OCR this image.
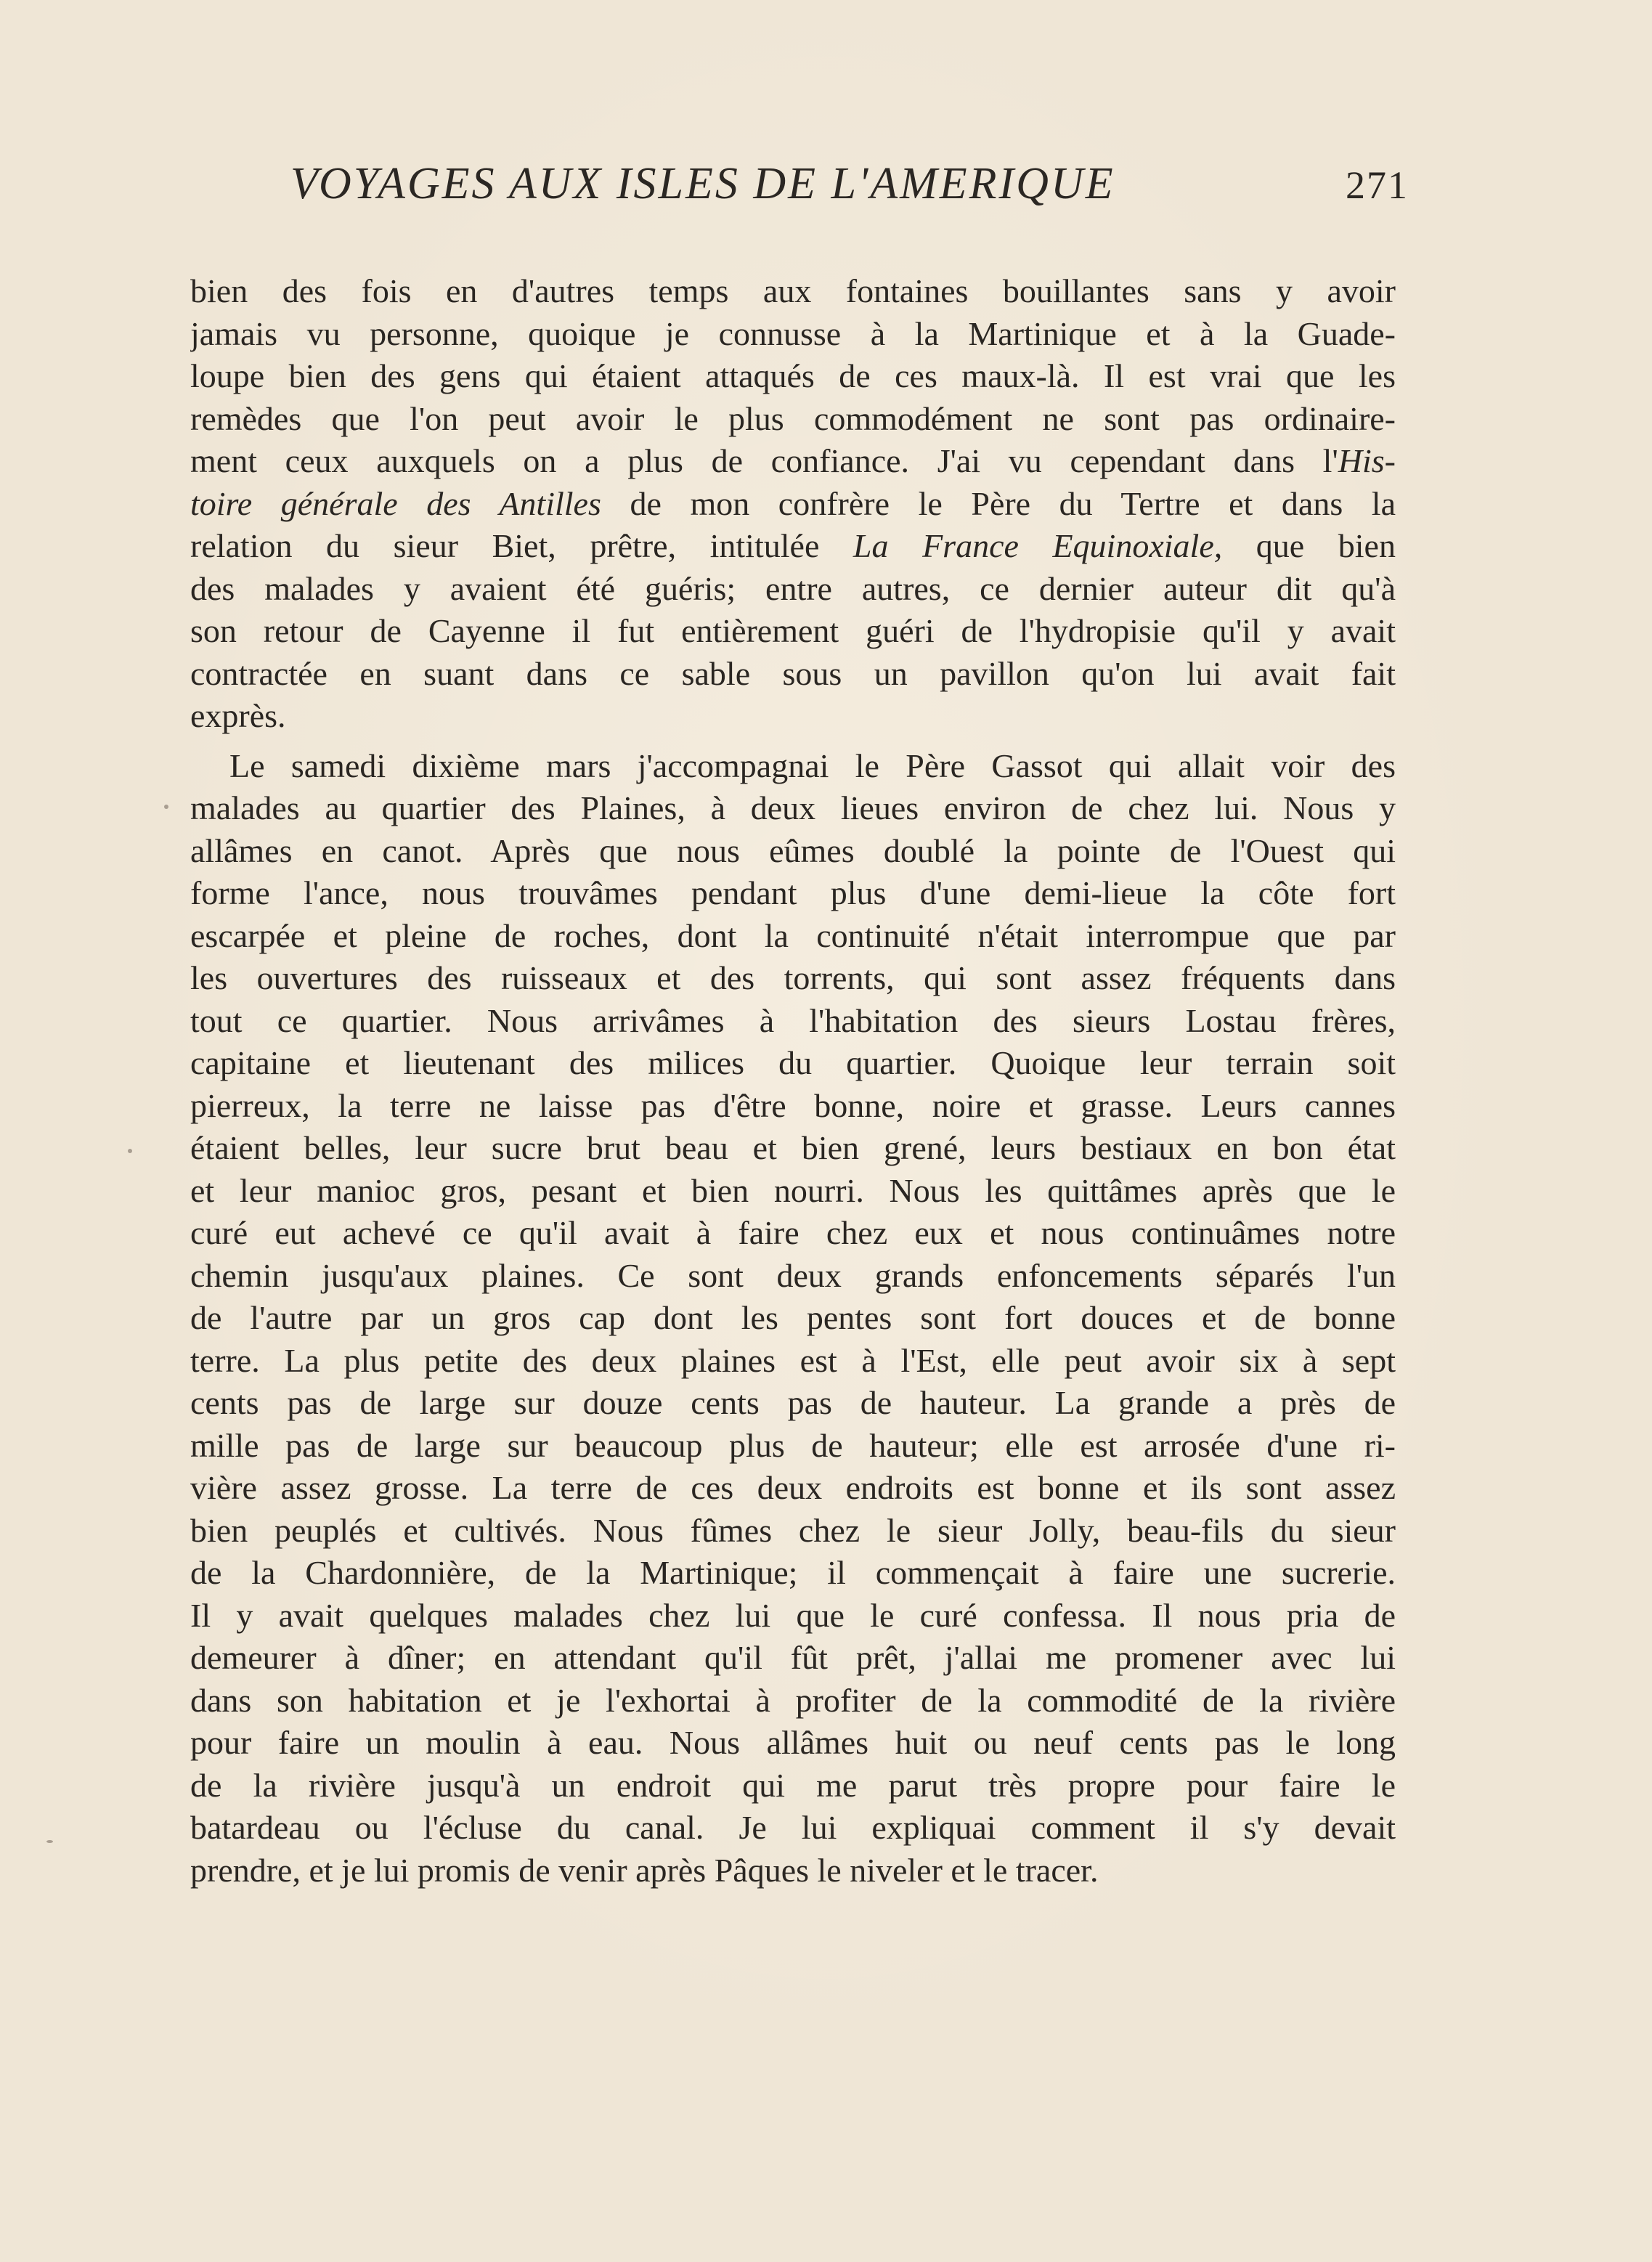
VOYAGES AUX ISLES DE L'AMERIQUE	271

bien des fois en d'autres temps aux fontaines bouillantes sans y avoir
jamais vu personne, quoique je connusse à la Martinique et à la Guade-
loupe bien des gens qui étaient attaqués de ces maux-là. Il est vrai que les
remèdes que l'on peut avoir le plus commodément ne sont pas ordinaire-
ment ceux auxquels on a plus de confiance. J'ai vu cependant dans l'His-
toire générale des Antilles de mon confrère le Père du Tertre et dans la
relation du sieur Biet, prêtre, intitulée La France Equinoxiale, que bien
des malades y avaient été guéris; entre autres, ce dernier auteur dit qu'à
son retour de Cayenne il fut entièrement guéri de l'hydropisie qu'il y avait
contractée en suant dans ce sable sous un pavillon qu'on lui avait fait
exprès.

Le samedi dixième mars j'accompagnai le Père Gassot qui allait voir des
malades au quartier des Plaines, à deux lieues environ de chez lui. Nous y
allâmes en canot. Après que nous eûmes doublé la pointe de l'Ouest qui
forme l'ance, nous trouvâmes pendant plus d'une demi-lieue la côte fort
escarpée et pleine de roches, dont la continuité n'était interrompue que par
les ouvertures des ruisseaux et des torrents, qui sont assez fréquents dans
tout ce quartier. Nous arrivâmes à l'habitation des sieurs Lostau frères,
capitaine et lieutenant des milices du quartier. Quoique leur terrain soit
pierreux, la terre ne laisse pas d'être bonne, noire et grasse. Leurs cannes
étaient belles, leur sucre brut beau et bien grené, leurs bestiaux en bon état
et leur manioc gros, pesant et bien nourri. Nous les quittâmes après que le
curé eut achevé ce qu'il avait à faire chez eux et nous continuâmes notre
chemin jusqu'aux plaines. Ce sont deux grands enfoncements séparés l'un
de l'autre par un gros cap dont les pentes sont fort douces et de bonne
terre. La plus petite des deux plaines est à l'Est, elle peut avoir six à sept
cents pas de large sur douze cents pas de hauteur. La grande a près de
mille pas de large sur beaucoup plus de hauteur; elle est arrosée d'une ri-
vière assez grosse. La terre de ces deux endroits est bonne et ils sont assez
bien peuplés et cultivés. Nous fûmes chez le sieur Jolly, beau-fils du sieur
de la Chardonnière, de la Martinique; il commençait à faire une sucrerie.
Il y avait quelques malades chez lui que le curé confessa. Il nous pria de
demeurer à dîner; en attendant qu'il fût prêt, j'allai me promener avec lui
dans son habitation et je l'exhortai à profiter de la commodité de la rivière
pour faire un moulin à eau. Nous allâmes huit ou neuf cents pas le long
de la rivière jusqu'à un endroit qui me parut très propre pour faire le
batardeau ou l'écluse du canal. Je lui expliquai comment il s'y devait
prendre, et je lui promis de venir après Pâques le niveler et le tracer.
